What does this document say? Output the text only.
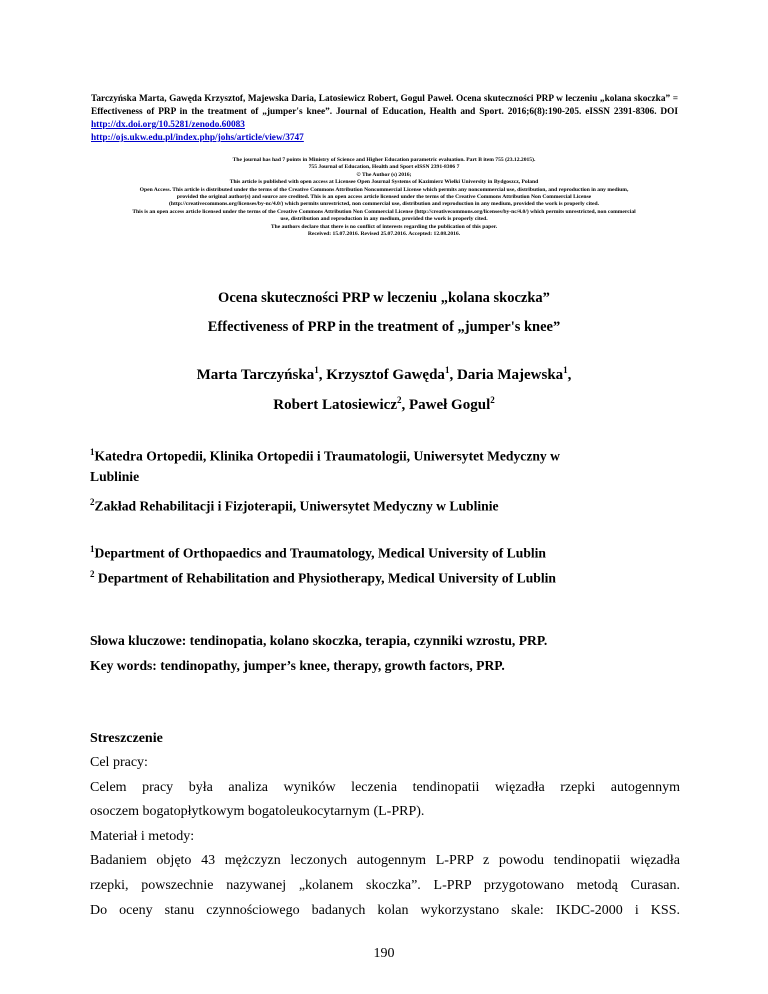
Tarczyńska Marta, Gawęda Krzysztof, Majewska Daria, Latosiewicz Robert, Gogul Paweł. Ocena skuteczności PRP w leczeniu „kolana skoczka” = Effectiveness of PRP in the treatment of „jumper's knee”. Journal of Education, Health and Sport. 2016;6(8):190-205. eISSN 2391-8306. DOI http://dx.doi.org/10.5281/zenodo.60083
http://ojs.ukw.edu.pl/index.php/johs/article/view/3747
The journal has had 7 points in Ministry of Science and Higher Education parametric evaluation. Part B item 755 (23.12.2015).
755 Journal of Education, Health and Sport eISSN 2391-8306 7
© The Author (s) 2016;
This article is published with open access at Licensee Open Journal Systems of Kazimierz Wielki University in Bydgoszcz, Poland
Open Access. This article is distributed under the terms of the Creative Commons Attribution Noncommercial License which permits any noncommercial use, distribution, and reproduction in any medium,
provided the original author(s) and source are credited. This is an open access article licensed under the terms of the Creative Commons Attribution Non Commercial License
(http://creativecommons.org/licenses/by-nc/4.0/) which permits unrestricted, non commercial use, distribution and reproduction in any medium, provided the work is properly cited.
This is an open access article licensed under the terms of the Creative Commons Attribution Non Commercial License (http://creativecommons.org/licenses/by-nc/4.0/) which permits unrestricted, non commercial
use, distribution and reproduction in any medium, provided the work is properly cited.
The authors declare that there is no conflict of interests regarding the publication of this paper.
Received: 15.07.2016. Revised 25.07.2016. Accepted: 12.08.2016.
Ocena skuteczności PRP w leczeniu „kolana skoczka”
Effectiveness of PRP in the treatment of „jumper's knee”
Marta Tarczyńska$^1$, Krzysztof Gawęda$^1$, Daria Majewska$^1$,
Robert Latosiewicz$^2$, Paweł Gogul$^2$
$^1$Katedra Ortopedii, Klinika Ortopedii i Traumatologii, Uniwersytet Medyczny w
Lublinie
$^2$Zakład Rehabilitacji i Fizjoterapii, Uniwersytet Medyczny w Lublinie
$^1$Department of Orthopaedics and Traumatology, Medical University of Lublin
$^2$ Department of Rehabilitation and Physiotherapy, Medical University of Lublin
Słowa kluczowe: tendinopatia, kolano skoczka, terapia, czynniki wzrostu, PRP.
Key words: tendinopathy, jumper’s knee, therapy, growth factors, PRP.
Streszczenie
Cel pracy:
Celem pracy była analiza wyników leczenia tendinopatii więzadła rzepki autogennym
osoczem bogatopłytkowym bogatoleukocytarnym (L-PRP).
Materiał i metody:
Badaniem objęto 43 mężczyzn leczonych autogennym L-PRP z powodu tendinopatii więzadła
rzepki, powszechnie nazywanej „kolanem skoczka”. L-PRP przygotowano metodą Curasan.
Do oceny stanu czynnościowego badanych kolan wykorzystano skale: IKDC-2000 i KSS.
190
